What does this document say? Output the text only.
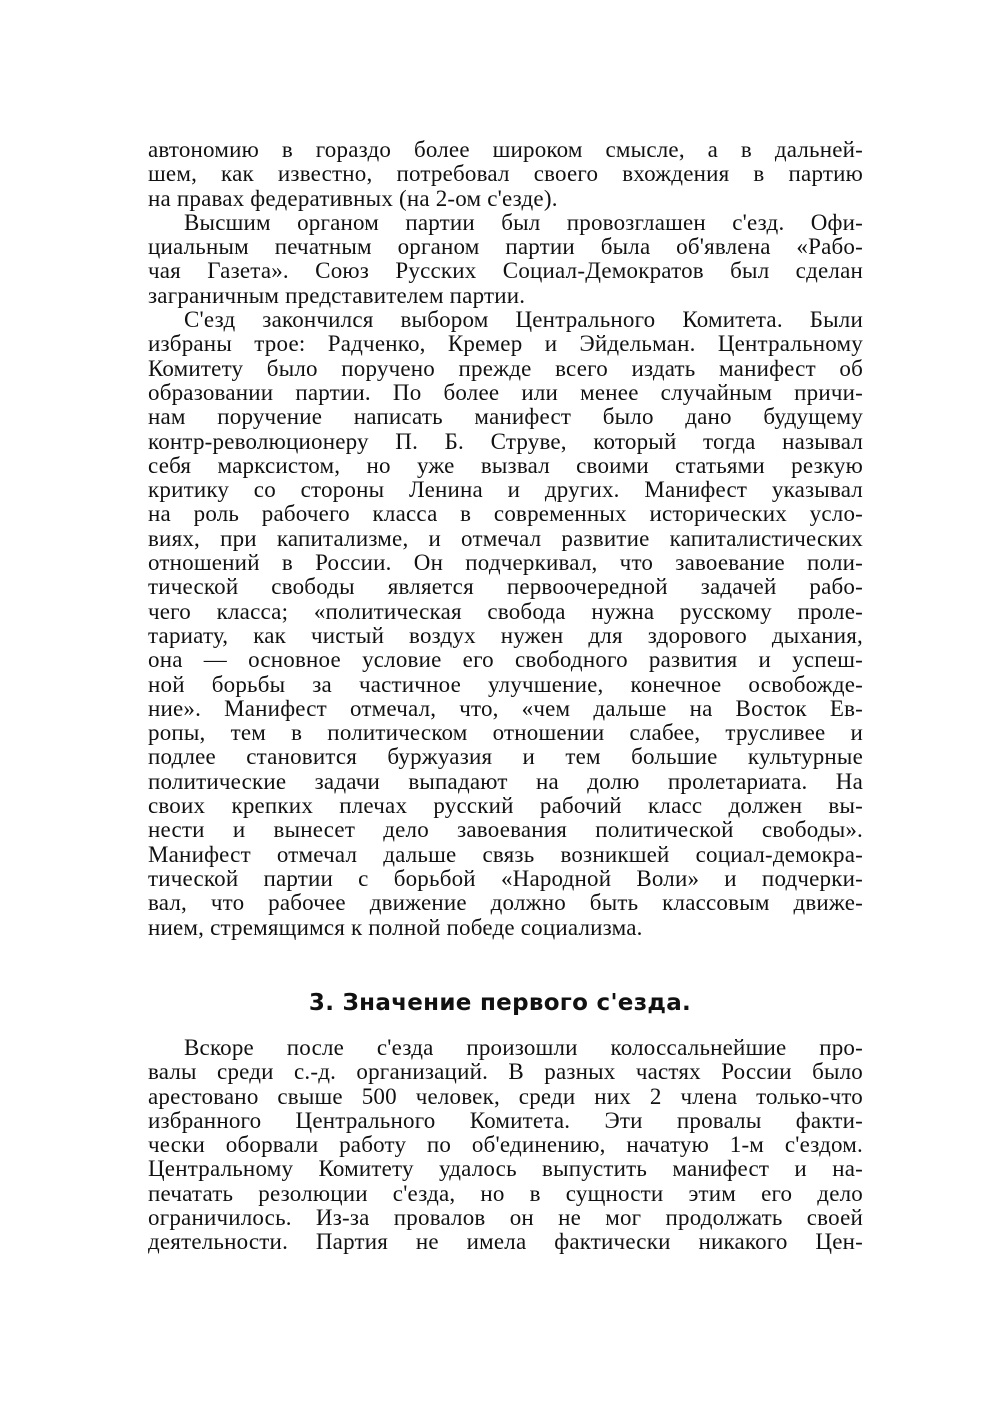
автономию в гораздо более широком смысле, а в дальней-
шем, как известно, потребовал своего вхождения в партию
на правах федеративных (на 2-ом с'езде).
Высшим органом партии был провозглашен с'езд. Офи-
циальным печатным органом партии была об'явлена «Рабо-
чая Газета». Союз Русских Социал-Демократов был сделан
заграничным представителем партии.
С'езд закончился выбором Центрального Комитета. Были
избраны трое: Радченко, Кремер и Эйдельман. Центральному
Комитету было поручено прежде всего издать манифест об
образовании партии. По более или менее случайным причи-
нам поручение написать манифест было дано будущему
контр-революционеру П. Б. Струве, который тогда называл
себя марксистом, но уже вызвал своими статьями резкую
критику со стороны Ленина и других. Манифест указывал
на роль рабочего класса в современных исторических усло-
виях, при капитализме, и отмечал развитие капиталистических
отношений в России. Он подчеркивал, что завоевание поли-
тической свободы является первоочередной задачей рабо-
чего класса; «политическая свобода нужна русскому проле-
тариату, как чистый воздух нужен для здорового дыхания,
она — основное условие его свободного развития и успеш-
ной борьбы за частичное улучшение, конечное освобожде-
ние». Манифест отмечал, что, «чем дальше на Восток Ев-
ропы, тем в политическом отношении слабее, трусливее и
подлее становится буржуазия и тем большие культурные
политические задачи выпадают на долю пролетариата. На
своих крепких плечах русский рабочий класс должен вы-
нести и вынесет дело завоевания политической свободы».
Манифест отмечал дальше связь возникшей социал-демокра-
тической партии с борьбой «Народной Воли» и подчерки-
вал, что рабочее движение должно быть классовым движе-
нием, стремящимся к полной победе социализма.
3. Значение первого с'езда.
Вскоре после с'езда произошли колоссальнейшие про-
валы среди с.-д. организаций. В разных частях России было
арестовано свыше 500 человек, среди них 2 члена только-что
избранного Центрального Комитета. Эти провалы факти-
чески оборвали работу по об'единению, начатую 1-м с'ездом.
Центральному Комитету удалось выпустить манифест и на-
печатать резолюции с'езда, но в сущности этим его дело
ограничилось. Из-за провалов он не мог продолжать своей
деятельности. Партия не имела фактически никакого Цен-
